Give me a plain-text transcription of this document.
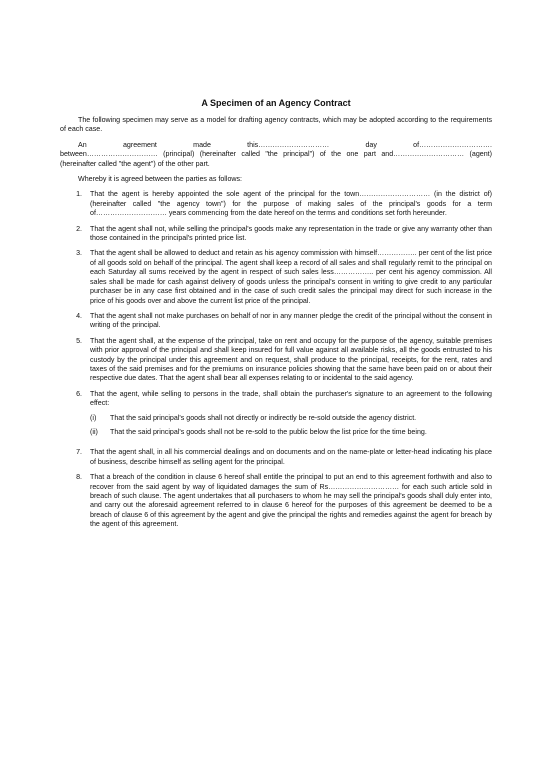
A Specimen of an Agency Contract

The following specimen may serve as a model for drafting agency contracts, which may be adopted according to the requirements of each case.

An agreement made this………………………… day of………………………….

between………………………… (principal) (hereinafter called "the principal") of the one part and………………………… (agent) (hereinafter called "the agent") of the other part.

Whereby it is agreed between the parties as follows:

1.	That the agent is hereby appointed the sole agent of the principal for the town………………………… (in the district of) (hereinafter called "the agency town") for the purpose of making sales of the principal's goods for a term of………………………… years commencing from the date hereof on the terms and conditions set forth hereunder.

2.	That the agent shall not, while selling the principal's goods make any representation in the trade or give any warranty other than those contained in the principal's printed price list.

3.	That the agent shall be allowed to deduct and retain as his agency commission with himself…………….. per cent of the list price of all goods sold on behalf of the principal. The agent shall keep a record of all sales and shall regularly remit to the principal on each Saturday all sums received by the agent in respect of such sales less…………….. per cent his agency commission. All sales shall be made for cash against delivery of goods unless the principal's consent in writing to give credit to any particular purchaser be in any case first obtained and in the case of such credit sales the principal may direct for such increase in the price of his goods over and above the current list price of the principal.

4.	That the agent shall not make purchases on behalf of nor in any manner pledge the credit of the principal without the consent in writing of the principal.

5.	That the agent shall, at the expense of the principal, take on rent and occupy for the purpose of the agency, suitable premises with prior approval of the principal and shall keep insured for full value against all available risks, all the goods entrusted to his custody by the principal under this agreement and on request, shall produce to the principal, receipts, for the rent, rates and taxes of the said premises and for the premiums on insurance policies showing that the same have been paid on or about their respective due dates. That the agent shall bear all expenses relating to or incidental to the said agency.

6.	That the agent, while selling to persons in the trade, shall obtain the purchaser's signature to an agreement to the following effect:

(i)	That the said principal's goods shall not directly or indirectly be re-sold outside the agency district.

(ii)	That the said principal's goods shall not be re-sold to the public below the list price for the time being.

7.	That the agent shall, in all his commercial dealings and on documents and on the name-plate or letter-head indicating his place of business, describe himself as selling agent for the principal.

8.	That a breach of the condition in clause 6 hereof shall entitle the principal to put an end to this agreement forthwith and also to recover from the said agent by way of liquidated damages the sum of Rs………………………… for each such article sold in breach of such clause. The agent undertakes that all purchasers to whom he may sell the principal's goods shall duly enter into, and carry out the aforesaid agreement referred to in clause 6 hereof for the purposes of this agreement be deemed to be a breach of clause 6 of this agreement by the agent and give the principal the rights and remedies against the agent for breach by the agent of this agreement.
